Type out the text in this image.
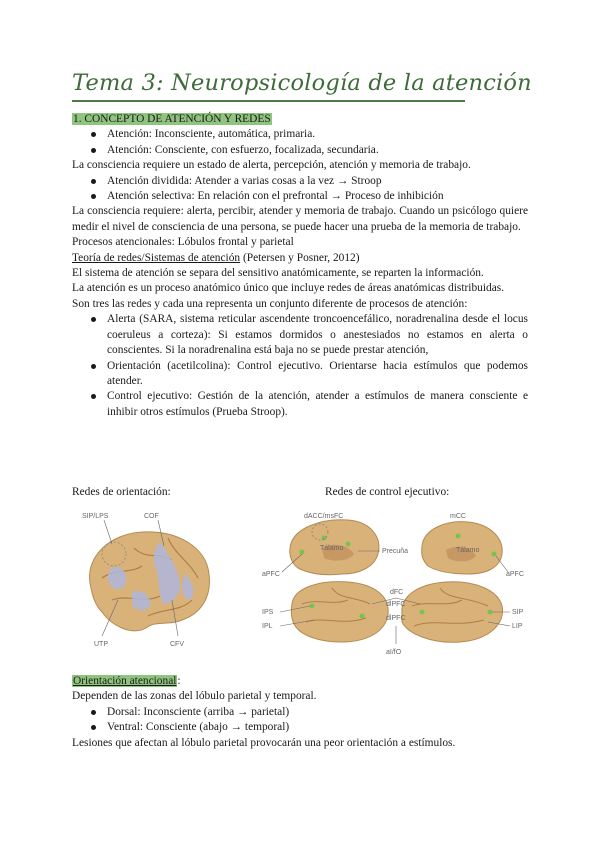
Tema 3: Neuropsicología de la atención

1. CONCEPTO DE ATENCIÓN Y REDES

Atención: Inconsciente, automática, primaria.
Atención: Consciente, con esfuerzo, focalizada, secundaria.

La consciencia requiere un estado de alerta, percepción, atención y memoria de trabajo.

Atención dividida: Atender a varias cosas a la vez → Stroop
Atención selectiva: En relación con el prefrontal → Proceso de inhibición

La consciencia requiere: alerta, percibir, atender y memoria de trabajo. Cuando un psicólogo quiere medir el nivel de consciencia de una persona, se puede hacer una prueba de la memoria de trabajo.

Procesos atencionales: Lóbulos frontal y parietal

Teoría de redes/Sistemas de atención (Petersen y Posner, 2012)

El sistema de atención se separa del sensitivo anatómicamente, se reparten la información.

La atención es un proceso anatómico único que incluye redes de áreas anatómicas distribuidas.

Son tres las redes y cada una representa un conjunto diferente de procesos de atención:

Alerta (SARA, sistema reticular ascendente troncoencefálico, noradrenalina desde el locus coeruleus a corteza): Si estamos dormidos o anestesiados no estamos en alerta o conscientes. Si la noradrenalina está baja no se puede prestar atención,
Orientación (acetilcolina): Control ejecutivo. Orientarse hacia estímulos que podemos atender.
Control ejecutivo: Gestión de la atención, atender a estímulos de manera consciente e inhibir otros estímulos (Prueba Stroop).
Redes de orientación:	Redes de control ejecutivo:
SIP/LPS	COF
UTP	CFV
dACC/msFC
Tálamo	Precuña
aPFC
mCC
Tálamo
aPFC
dFC
dlPFC
dlPFC
IPS
IPL
aI/fO
SIP
LIP

Orientación atencional:

Dependen de las zonas del lóbulo parietal y temporal.

Dorsal: Inconsciente (arriba → parietal)
Ventral: Consciente (abajo → temporal)

Lesiones que afectan al lóbulo parietal provocarán una peor orientación a estímulos.
